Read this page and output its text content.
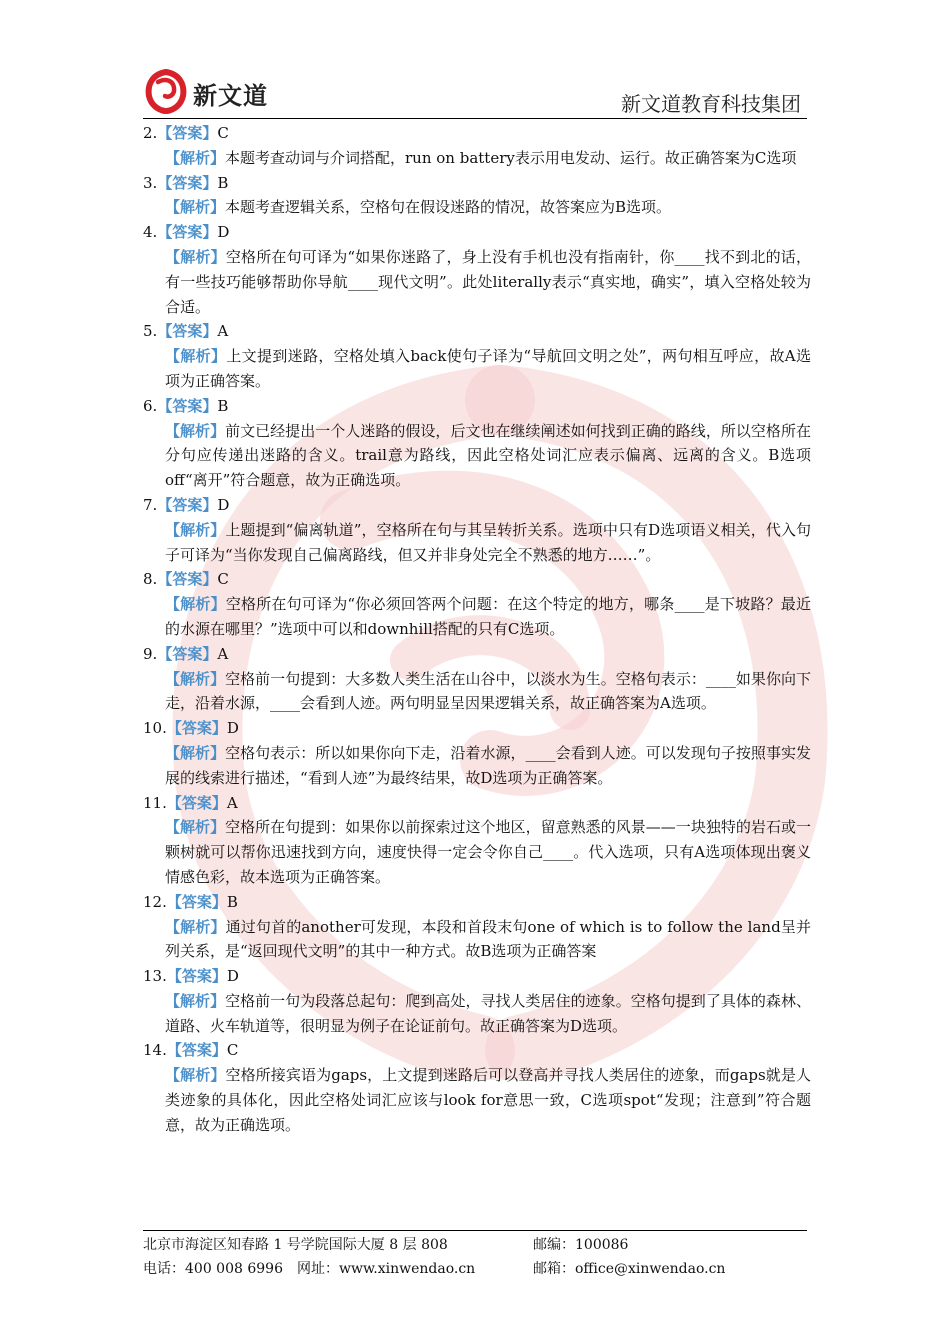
新文道	新文道教育科技集团
2.【答案】C
【解析】本题考查动词与介词搭配，run on battery表示用电发动、运行。故正确答案为C选项
3.【答案】B
【解析】本题考查逻辑关系，空格句在假设迷路的情况，故答案应为B选项。
4.【答案】D
【解析】空格所在句可译为“如果你迷路了，身上没有手机也没有指南针，你____找不到北的话，有一些技巧能够帮助你导航____现代文明”。此处literally表示“真实地，确实”，填入空格处较为合适。
5.【答案】A
【解析】上文提到迷路，空格处填入back使句子译为“导航回文明之处”，两句相互呼应，故A选项为正确答案。
6.【答案】B
【解析】前文已经提出一个人迷路的假设，后文也在继续阐述如何找到正确的路线，所以空格所在分句应传递出迷路的含义。trail意为路线，因此空格处词汇应表示偏离、远离的含义。B选项off“离开”符合题意，故为正确选项。
7.【答案】D
【解析】上题提到“偏离轨道”，空格所在句与其呈转折关系。选项中只有D选项语义相关，代入句子可译为“当你发现自己偏离路线，但又并非身处完全不熟悉的地方……”。
8.【答案】C
【解析】空格所在句可译为“你必须回答两个问题：在这个特定的地方，哪条____是下坡路？最近的水源在哪里？”选项中可以和downhill搭配的只有C选项。
9.【答案】A
【解析】空格前一句提到：大多数人类生活在山谷中，以淡水为生。空格句表示：____如果你向下走，沿着水源，____会看到人迹。两句明显呈因果逻辑关系，故正确答案为A选项。
10.【答案】D
【解析】空格句表示：所以如果你向下走，沿着水源，____会看到人迹。可以发现句子按照事实发展的线索进行描述，“看到人迹”为最终结果，故D选项为正确答案。
11.【答案】A
【解析】空格所在句提到：如果你以前探索过这个地区，留意熟悉的风景——一块独特的岩石或一颗树就可以帮你迅速找到方向，速度快得一定会令你自己____。代入选项，只有A选项体现出褒义情感色彩，故本选项为正确答案。
12.【答案】B
【解析】通过句首的another可发现，本段和首段末句one of which is to follow the land呈并列关系，是“返回现代文明”的其中一种方式。故B选项为正确答案
13.【答案】D
【解析】空格前一句为段落总起句：爬到高处，寻找人类居住的迹象。空格句提到了具体的森林、道路、火车轨道等，很明显为例子在论证前句。故正确答案为D选项。
14.【答案】C
【解析】空格所接宾语为gaps，上文提到迷路后可以登高并寻找人类居住的迹象，而gaps就是人类迹象的具体化，因此空格处词汇应该与look for意思一致，C选项spot“发现；注意到”符合题意，故为正确选项。
北京市海淀区知春路 1 号学院国际大厦 8 层 808	邮编：100086
电话：400 008 6996　网址：www.xinwendao.cn	邮箱：office@xinwendao.cn
